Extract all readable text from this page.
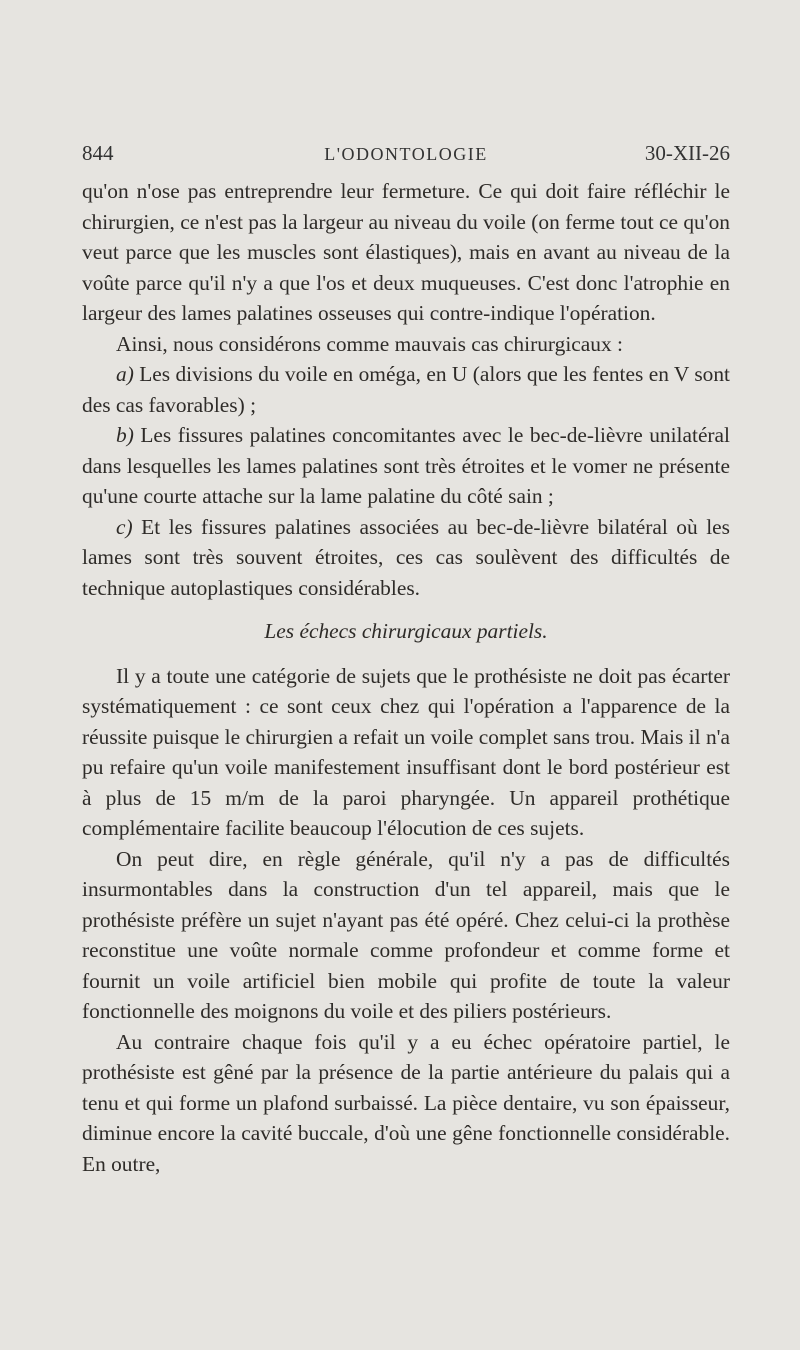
844	L'ODONTOLOGIE	30-XII-26

qu'on n'ose pas entreprendre leur fermeture. Ce qui doit faire réfléchir le chirurgien, ce n'est pas la largeur au niveau du voile (on ferme tout ce qu'on veut parce que les muscles sont élastiques), mais en avant au niveau de la voûte parce qu'il n'y a que l'os et deux muqueuses. C'est donc l'atrophie en largeur des lames palatines osseuses qui contre-indique l'opération.

Ainsi, nous considérons comme mauvais cas chirurgicaux :

a) Les divisions du voile en oméga, en U (alors que les fentes en V sont des cas favorables) ;

b) Les fissures palatines concomitantes avec le bec-de-lièvre unilatéral dans lesquelles les lames palatines sont très étroites et le vomer ne présente qu'une courte attache sur la lame palatine du côté sain ;

c) Et les fissures palatines associées au bec-de-lièvre bilatéral où les lames sont très souvent étroites, ces cas soulèvent des difficultés de technique autoplastiques considérables.

Les échecs chirurgicaux partiels.

Il y a toute une catégorie de sujets que le prothésiste ne doit pas écarter systématiquement : ce sont ceux chez qui l'opération a l'apparence de la réussite puisque le chirurgien a refait un voile complet sans trou. Mais il n'a pu refaire qu'un voile manifestement insuffisant dont le bord postérieur est à plus de 15 m/m de la paroi pharyngée. Un appareil prothétique complémentaire facilite beaucoup l'élocution de ces sujets.

On peut dire, en règle générale, qu'il n'y a pas de difficultés insurmontables dans la construction d'un tel appareil, mais que le prothésiste préfère un sujet n'ayant pas été opéré. Chez celui-ci la prothèse reconstitue une voûte normale comme profondeur et comme forme et fournit un voile artificiel bien mobile qui profite de toute la valeur fonctionnelle des moignons du voile et des piliers postérieurs.

Au contraire chaque fois qu'il y a eu échec opératoire partiel, le prothésiste est gêné par la présence de la partie antérieure du palais qui a tenu et qui forme un plafond surbaissé. La pièce dentaire, vu son épaisseur, diminue encore la cavité buccale, d'où une gêne fonctionnelle considérable. En outre,
